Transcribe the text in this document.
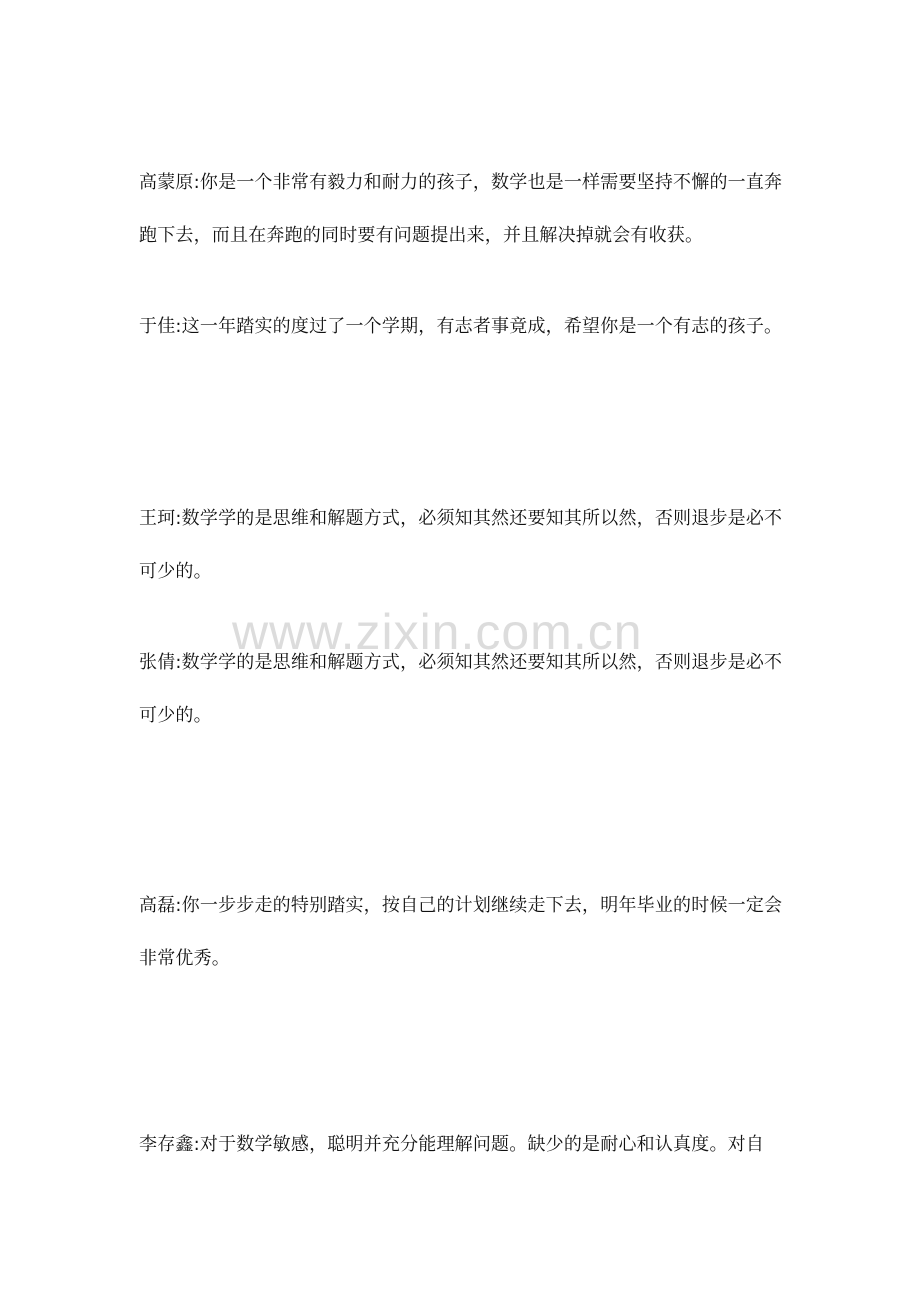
高蒙原:你是一个非常有毅力和耐力的孩子，数学也是一样需要坚持不懈的一直奔跑下去，而且在奔跑的同时要有问题提出来，并且解决掉就会有收获。

于佳:这一年踏实的度过了一个学期，有志者事竟成，希望你是一个有志的孩子。

王珂:数学学的是思维和解题方式，必须知其然还要知其所以然，否则退步是必不可少的。

www.zixin.com.cn

张倩:数学学的是思维和解题方式，必须知其然还要知其所以然，否则退步是必不可少的。

高磊:你一步步走的特别踏实，按自己的计划继续走下去，明年毕业的时候一定会非常优秀。

李存鑫:对于数学敏感，聪明并充分能理解问题。缺少的是耐心和认真度。对自
